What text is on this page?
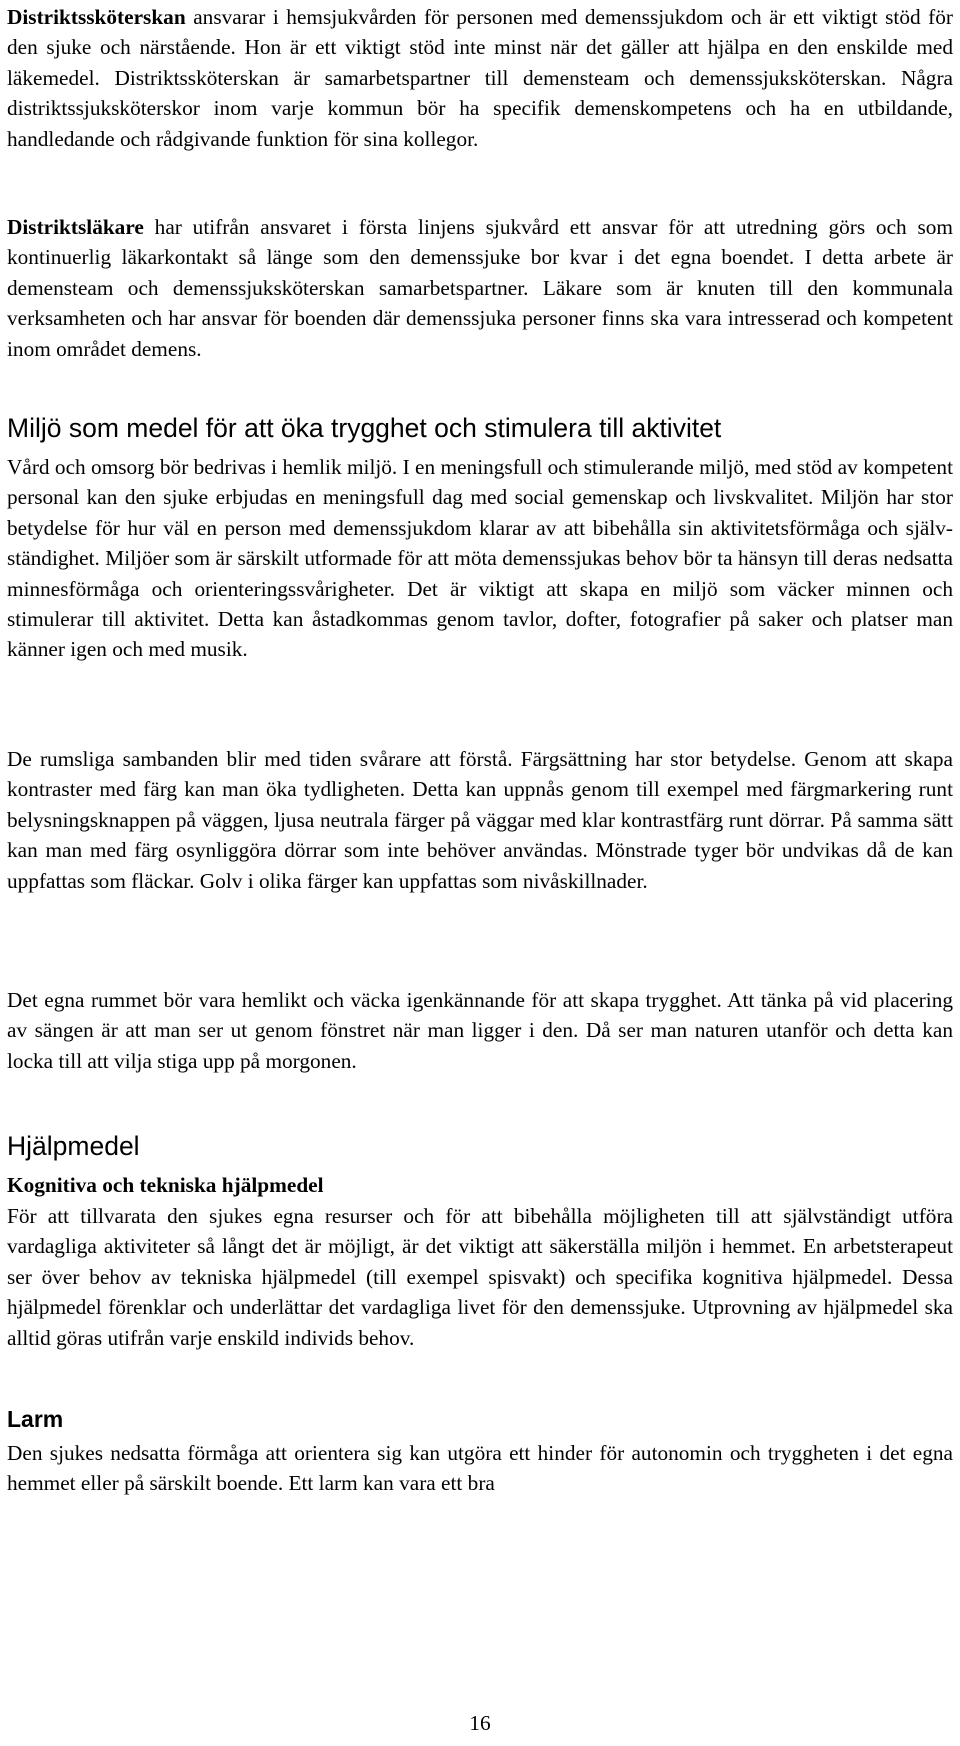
Distriktssköterskan ansvarar i hemsjukvården för personen med demenssjukdom och är ett viktigt stöd för den sjuke och närstående. Hon är ett viktigt stöd inte minst när det gäller att hjälpa en den enskilde med läkemedel. Distriktssköterskan är samarbetspartner till demensteam och demenssjuksköterskan. Några distriktssjuksköterskor inom varje kommun bör ha specifik demenskompetens och ha en utbildande, handledande och rådgivande funktion för sina kollegor.

Distriktsläkare har utifrån ansvaret i första linjens sjukvård ett ansvar för att utredning görs och som kontinuerlig läkarkontakt så länge som den demenssjuke bor kvar i det egna boendet. I detta arbete är demensteam och demenssjuksköterskan samarbetspartner. Läkare som är knuten till den kommunala verksamheten och har ansvar för boenden där demenssjuka personer finns ska vara intresserad och kompetent inom området demens.

Miljö som medel för att öka trygghet och stimulera till aktivitet

Vård och omsorg bör bedrivas i hemlik miljö. I en meningsfull och stimulerande miljö, med stöd av kompetent personal kan den sjuke erbjudas en meningsfull dag med social gemenskap och livskvalitet. Miljön har stor betydelse för hur väl en person med demenssjukdom klarar av att bibehålla sin aktivitetsförmåga och självständighet. Miljöer som är särskilt utformade för att möta demenssjukas behov bör ta hänsyn till deras nedsatta minnesförmåga och orienteringssvårigheter. Det är viktigt att skapa en miljö som väcker minnen och stimulerar till aktivitet. Detta kan åstadkommas genom tavlor, dofter, fotografier på saker och platser man känner igen och med musik.

De rumsliga sambanden blir med tiden svårare att förstå. Färgsättning har stor betydelse. Genom att skapa kontraster med färg kan man öka tydligheten. Detta kan uppnås genom till exempel med färgmarkering runt belysningsknappen på väggen, ljusa neutrala färger på väggar med klar kontrastfärg runt dörrar. På samma sätt kan man med färg osynliggöra dörrar som inte behöver användas. Mönstrade tyger bör undvikas då de kan uppfattas som fläckar. Golv i olika färger kan uppfattas som nivåskillnader.

Det egna rummet bör vara hemlikt och väcka igenkännande för att skapa trygghet. Att tänka på vid placering av sängen är att man ser ut genom fönstret när man ligger i den. Då ser man naturen utanför och detta kan locka till att vilja stiga upp på morgonen.

Hjälpmedel
Kognitiva och tekniska hjälpmedel

För att tillvarata den sjukes egna resurser och för att bibehålla möjligheten till att självständigt utföra vardagliga aktiviteter så långt det är möjligt, är det viktigt att säkerställa miljön i hemmet. En arbetsterapeut ser över behov av tekniska hjälpmedel (till exempel spisvakt) och specifika kognitiva hjälpmedel. Dessa hjälpmedel förenklar och underlättar det vardagliga livet för den demenssjuke. Utprovning av hjälpmedel ska alltid göras utifrån varje enskild individs behov.

Larm

Den sjukes nedsatta förmåga att orientera sig kan utgöra ett hinder för autonomin och tryggheten i det egna hemmet eller på särskilt boende. Ett larm kan vara ett bra

16
